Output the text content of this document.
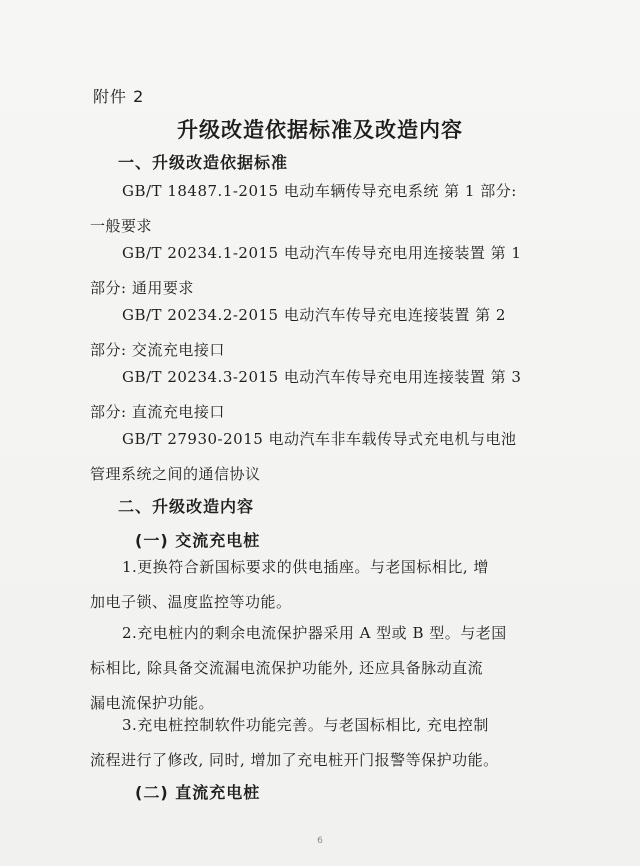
附件 2
升级改造依据标准及改造内容
一、升级改造依据标准
GB/T 18487.1-2015 电动车辆传导充电系统 第 1 部分:
一般要求
GB/T 20234.1-2015 电动汽车传导充电用连接装置 第 1
部分: 通用要求
GB/T 20234.2-2015 电动汽车传导充电连接装置 第 2
部分: 交流充电接口
GB/T 20234.3-2015 电动汽车传导充电用连接装置 第 3
部分: 直流充电接口
GB/T 27930-2015 电动汽车非车载传导式充电机与电池
管理系统之间的通信协议
二、升级改造内容
(一) 交流充电桩
1.更换符合新国标要求的供电插座。与老国标相比, 增
加电子锁、温度监控等功能。
2.充电桩内的剩余电流保护器采用 A 型或 B 型。与老国
标相比, 除具备交流漏电流保护功能外, 还应具备脉动直流
漏电流保护功能。
3.充电桩控制软件功能完善。与老国标相比, 充电控制
流程进行了修改, 同时, 增加了充电桩开门报警等保护功能。
(二) 直流充电桩
6
